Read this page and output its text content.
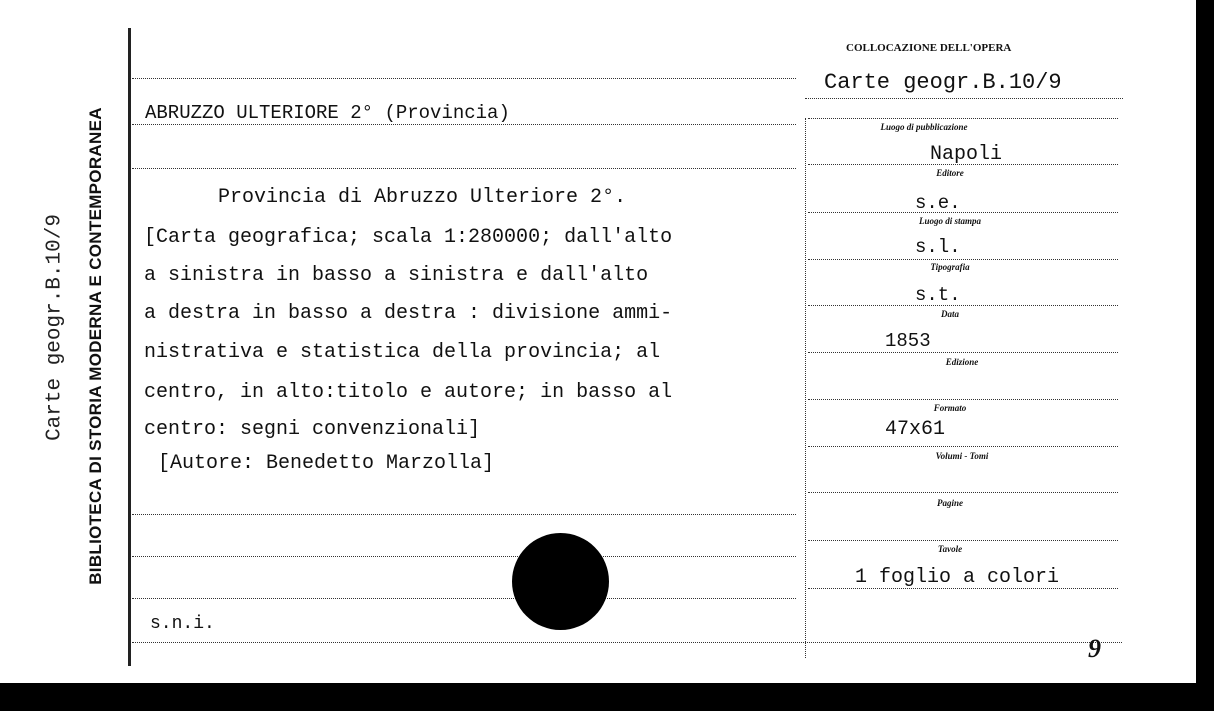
Carte geogr.B.10/9 BIBLIOTECA DI STORIA MODERNA E CONTEMPORANEA
COLLOCAZIONE DELL'OPERA
Carte geogr.B.10/9
ABRUZZO ULTERIORE 2° (Provincia)
Provincia di Abruzzo Ulteriore 2°.
[Carta geografica; scala 1:280000; dall'alto
a sinistra in basso a sinistra e dall'alto
a destra in basso a destra : divisione ammi-
nistrativa e statistica della provincia; al
centro, in alto:titolo e autore; in basso al
centro: segni convenzionali]
[Autore: Benedetto Marzolla]
s.n.i.
Luogo di pubblicazione
Editore
Luogo di stampa
Tipografia
Data
Edizione
Formato
Volumi - Tomi
Pagine
Tavole
Napoli
s.e.
s.l.
s.t.
1853
47x61
1 foglio a colori
9
